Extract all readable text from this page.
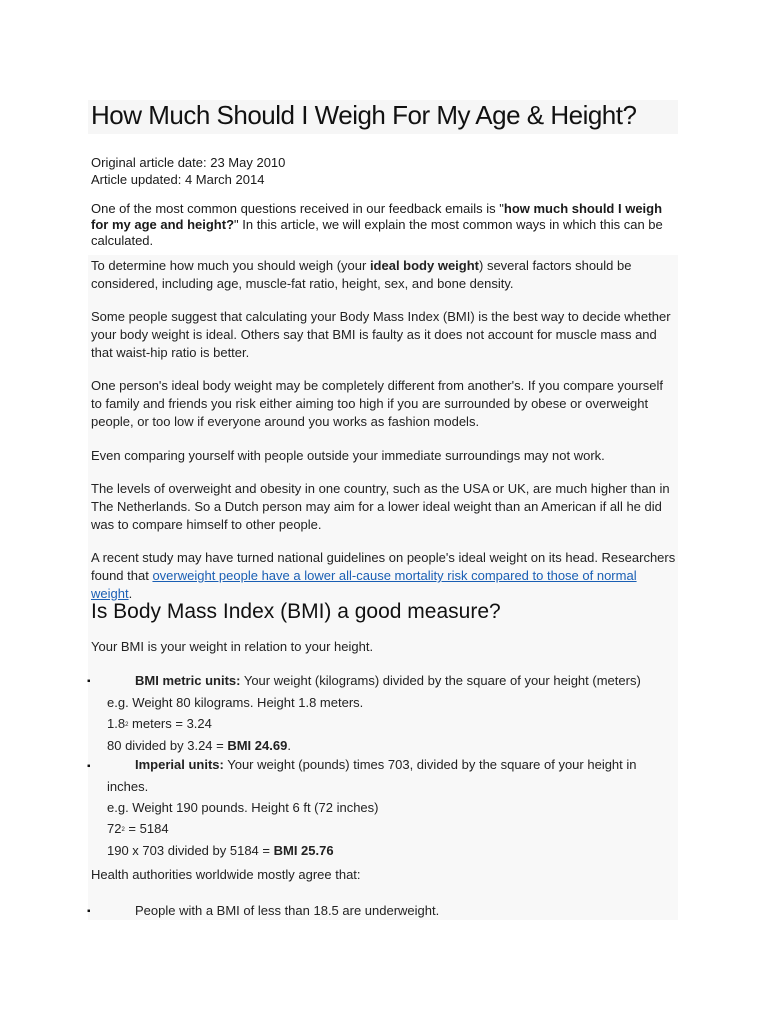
How Much Should I Weigh For My Age & Height?
Original article date: 23 May 2010
Article updated: 4 March 2014
One of the most common questions received in our feedback emails is "how much should I weigh for my age and height?" In this article, we will explain the most common ways in which this can be calculated.
To determine how much you should weigh (your ideal body weight) several factors should be considered, including age, muscle-fat ratio, height, sex, and bone density.
Some people suggest that calculating your Body Mass Index (BMI) is the best way to decide whether your body weight is ideal. Others say that BMI is faulty as it does not account for muscle mass and that waist-hip ratio is better.
One person's ideal body weight may be completely different from another's. If you compare yourself to family and friends you risk either aiming too high if you are surrounded by obese or overweight people, or too low if everyone around you works as fashion models.
Even comparing yourself with people outside your immediate surroundings may not work.
The levels of overweight and obesity in one country, such as the USA or UK, are much higher than in The Netherlands. So a Dutch person may aim for a lower ideal weight than an American if all he did was to compare himself to other people.
A recent study may have turned national guidelines on people's ideal weight on its head. Researchers found that overweight people have a lower all-cause mortality risk compared to those of normal weight.
Is Body Mass Index (BMI) a good measure?
Your BMI is your weight in relation to your height.
▪	BMI metric units: Your weight (kilograms) divided by the square of your height (meters)
e.g. Weight 80 kilograms. Height 1.8 meters.
$1.8^2$ meters = 3.24
80 divided by 3.24 = BMI 24.69.
▪	Imperial units: Your weight (pounds) times 703, divided by the square of your height in
inches.
e.g. Weight 190 pounds. Height 6 ft (72 inches)
$72^2 = 5184$
190 x 703 divided by 5184 = BMI 25.76
Health authorities worldwide mostly agree that:
▪	People with a BMI of less than 18.5 are underweight.
